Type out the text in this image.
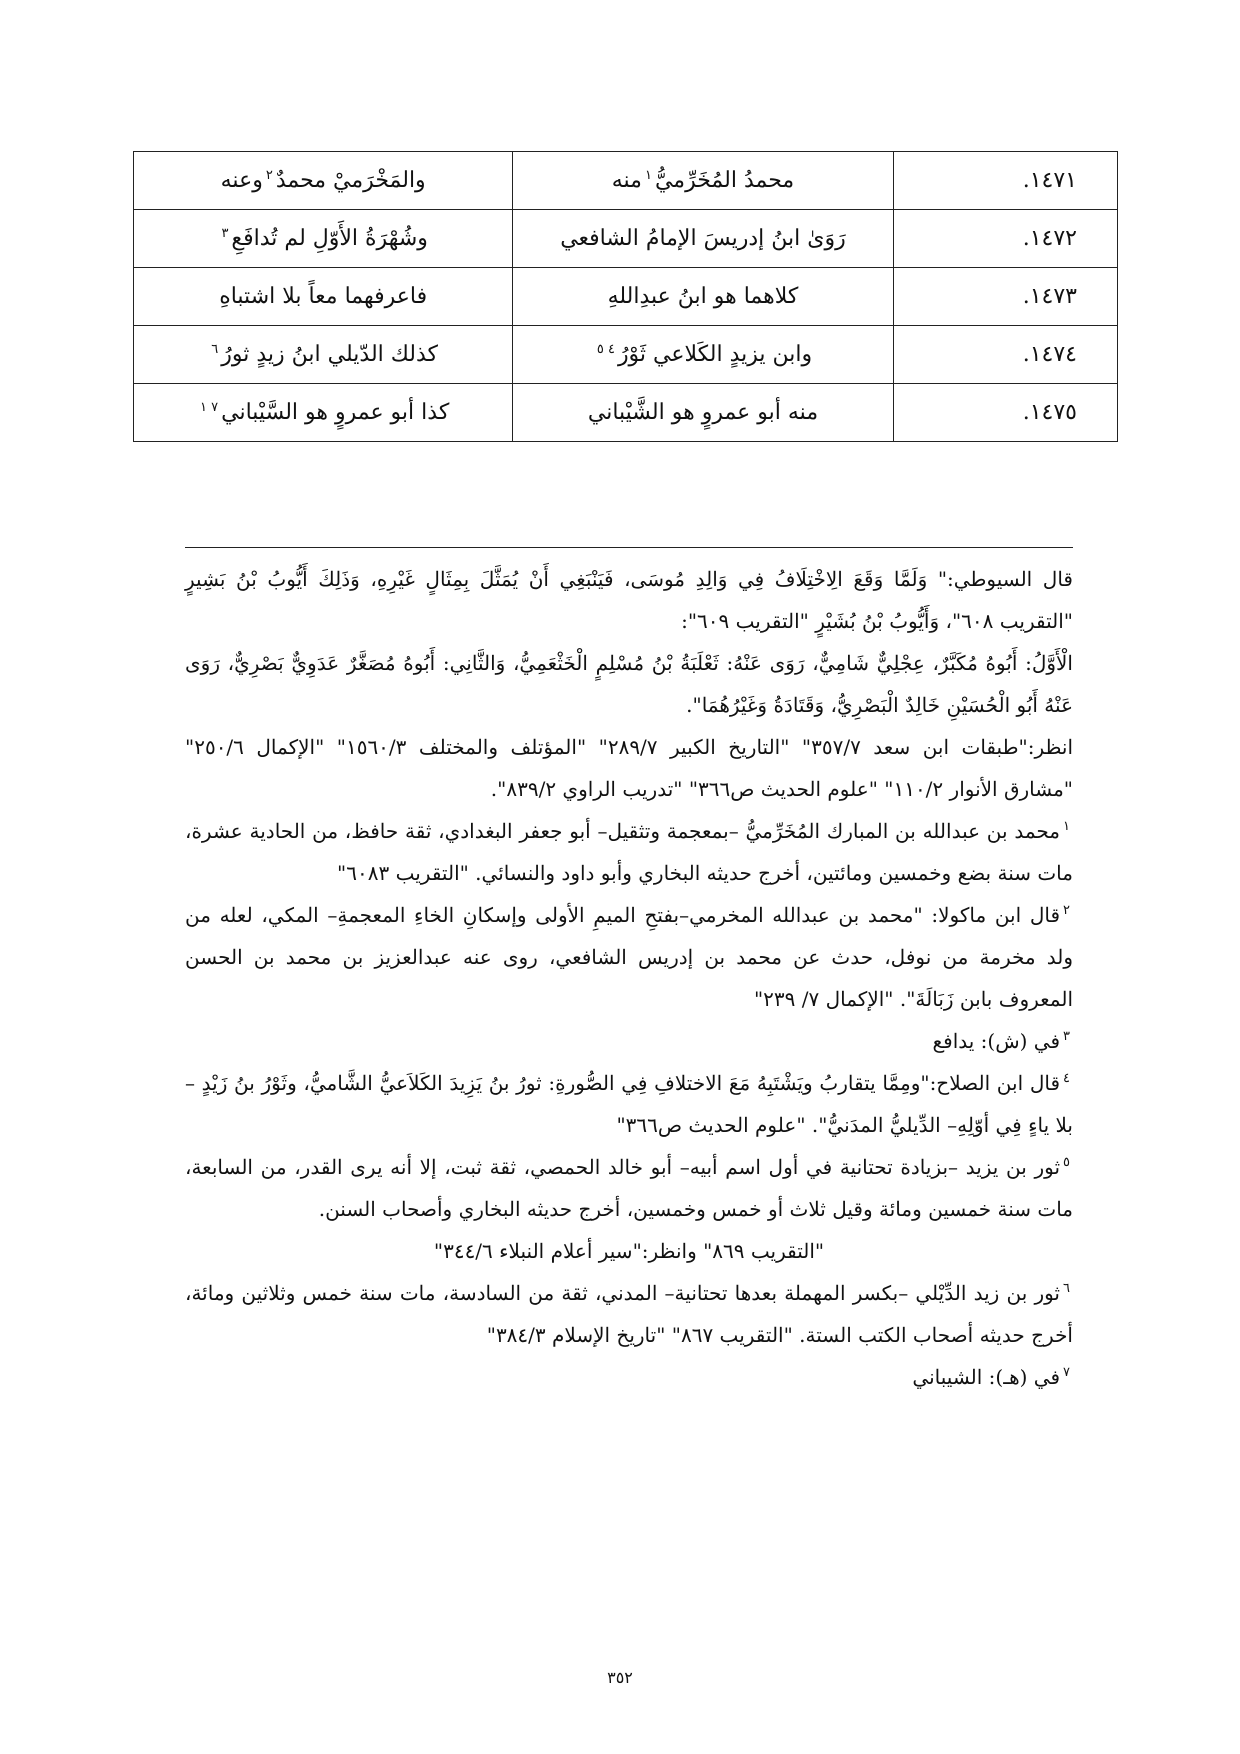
١٤٧١.	محمدُ المُخَرِّميُّ$^١$منه	والمَخْرَميْ محمدٌ$^٢$وعنه
١٤٧٢.	رَوَىٰ ابنُ إدريسَ الإمامُ الشافعي	وشُهْرَةُ الأَوّلِ لم تُدافَعِ$^٣$
١٤٧٣.	كلاهما هو ابنُ عبدِاللهِ	فاعرفهما معاً بلا اشتباهِ
١٤٧٤.	وابن يزيدٍ الكَلاعي ثَوْرُ$^{٤ ٥}$	كذلك الدّيلي ابنُ زيدٍ ثورُ$^٦$
١٤٧٥.	منه أبو عمروٍ هو الشَّيْباني	كذا أبو عمروٍ هو السَّيْباني$^{٧ ١}$

قال السيوطي:" وَلَمَّا وَقَعَ الِاخْتِلَافُ فِي وَالِدِ مُوسَى، فَيَنْبَغِي أَنْ يُمَثَّلَ بِمِثَالٍ غَيْرِهِ، وَذَلِكَ أَيُّوبُ بْنُ بَشِيرٍ "التقريب ٦٠٨"، وَأَيُّوبُ بْنُ بُشَيْرٍ "التقريب ٦٠٩":

الْأَوَّلُ: أَبُوهُ مُكَبَّرٌ، عِجْلِيٌّ شَامِيٌّ، رَوَى عَنْهُ: ثَعْلَبَةُ بْنُ مُسْلِمٍ الْخَثْعَمِيُّ، وَالثَّانِي: أَبُوهُ مُصَغَّرٌ عَدَوِيٌّ بَصْرِيٌّ، رَوَى عَنْهُ أَبُو الْحُسَيْنِ خَالِدٌ الْبَصْرِيُّ، وَقَتَادَةُ وَغَيْرُهُمَا".

انظر:"طبقات ابن سعد ٣٥٧/٧" "التاريخ الكبير ٢٨٩/٧" "المؤتلف والمختلف ١٥٦٠/٣" "الإكمال ٢٥٠/٦" "مشارق الأنوار ١١٠/٢" "علوم الحديث ص٣٦٦" "تدريب الراوي ٨٣٩/٢".

$^١$محمد بن عبدالله بن المبارك المُخَرِّميُّ –بمعجمة وتثقيل– أبو جعفر البغدادي، ثقة حافظ، من الحادية عشرة، مات سنة بضع وخمسين ومائتين، أخرج حديثه البخاري وأبو داود والنسائي. "التقريب ٦٠٨٣"

$^٢$قال ابن ماكولا: "محمد بن عبدالله المخرمي–بفتحِ الميمِ الأولى وإسكانِ الخاءِ المعجمةِ– المكي، لعله من ولد مخرمة من نوفل، حدث عن محمد بن إدريس الشافعي، روى عنه عبدالعزيز بن محمد بن الحسن المعروف بابن زَبَالَةَ". "الإكمال ٧/ ٢٣٩"

$^٣$في (ش): يدافع

$^٤$قال ابن الصلاح:"ومِمَّا يتقاربُ ويَشْتَبِهُ مَعَ الاختلافِ فِي الصُّورةِ: ثورُ بنُ يَزِيدَ الكَلاَعيُّ الشَّاميُّ، وثَوْرُ بنُ زَيْدٍ –بلا ياءٍ فِي أوّلِهِ– الدِّيليُّ المدَنيُّ". "علوم الحديث ص٣٦٦"

$^٥$ثور بن يزيد –بزيادة تحتانية في أول اسم أبيه– أبو خالد الحمصي، ثقة ثبت، إلا أنه يرى القدر، من السابعة، مات سنة خمسين ومائة وقيل ثلاث أو خمس وخمسين، أخرج حديثه البخاري وأصحاب السنن.

"التقريب ٨٦٩" وانظر:"سير أعلام النبلاء ٣٤٤/٦"

$^٦$ثور بن زيد الدِّيْلي –بكسر المهملة بعدها تحتانية– المدني، ثقة من السادسة، مات سنة خمس وثلاثين ومائة، أخرج حديثه أصحاب الكتب الستة. "التقريب ٨٦٧" "تاريخ الإسلام ٣٨٤/٣"

$^٧$في (هـ): الشيباني

٣٥٢
